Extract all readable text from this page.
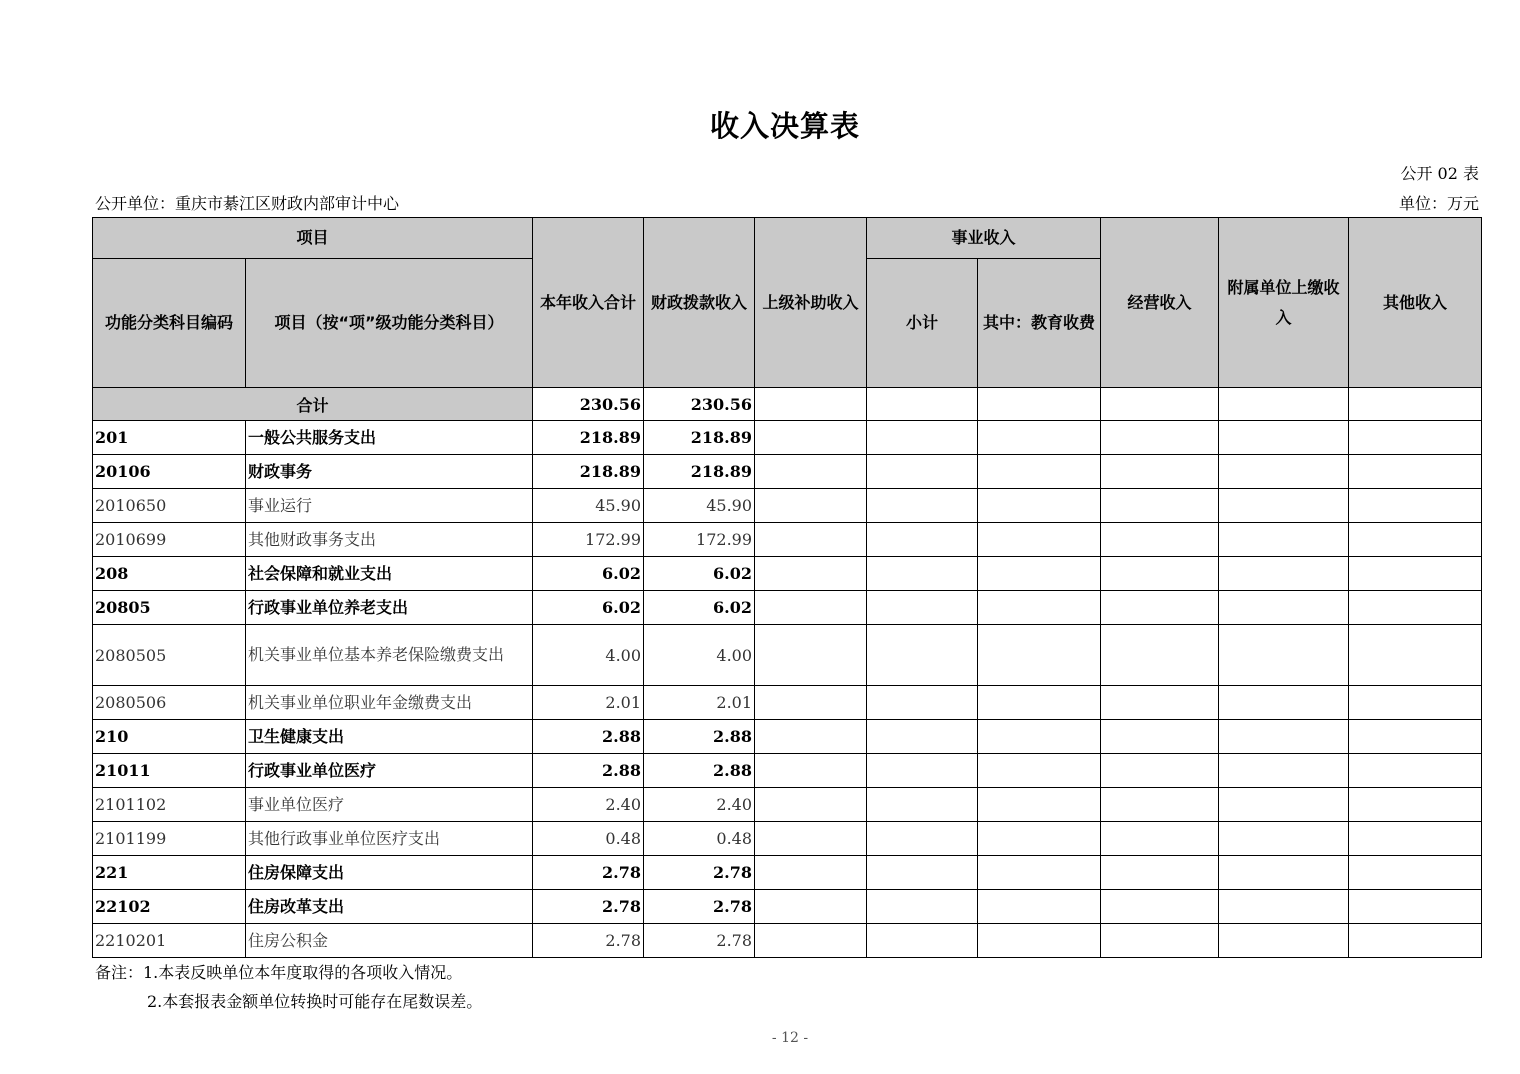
收入决算表
公开 02 表
公开单位：重庆市綦江区财政内部审计中心	单位：万元
项目		本年收入合计	财政拨款收入	上级补助收入	事业收入		经营收入	附属单位上缴收入	其他收入
功能分类科目编码	项目（按“项”级功能分类科目）				小计	其中：教育收费			
合计		230.56	230.56						
201	一般公共服务支出	218.89	218.89						
20106	财政事务	218.89	218.89						
2010650	事业运行	45.90	45.90						
2010699	其他财政事务支出	172.99	172.99						
208	社会保障和就业支出	6.02	6.02						
20805	行政事业单位养老支出	6.02	6.02						
2080505	机关事业单位基本养老保险缴费支出	4.00	4.00						
2080506	机关事业单位职业年金缴费支出	2.01	2.01						
210	卫生健康支出	2.88	2.88						
21011	行政事业单位医疗	2.88	2.88						
2101102	事业单位医疗	2.40	2.40						
2101199	其他行政事业单位医疗支出	0.48	0.48						
221	住房保障支出	2.78	2.78						
22102	住房改革支出	2.78	2.78						
2210201	住房公积金	2.78	2.78						
备注：1.本表反映单位本年度取得的各项收入情况。
2.本套报表金额单位转换时可能存在尾数误差。
- 12 -
